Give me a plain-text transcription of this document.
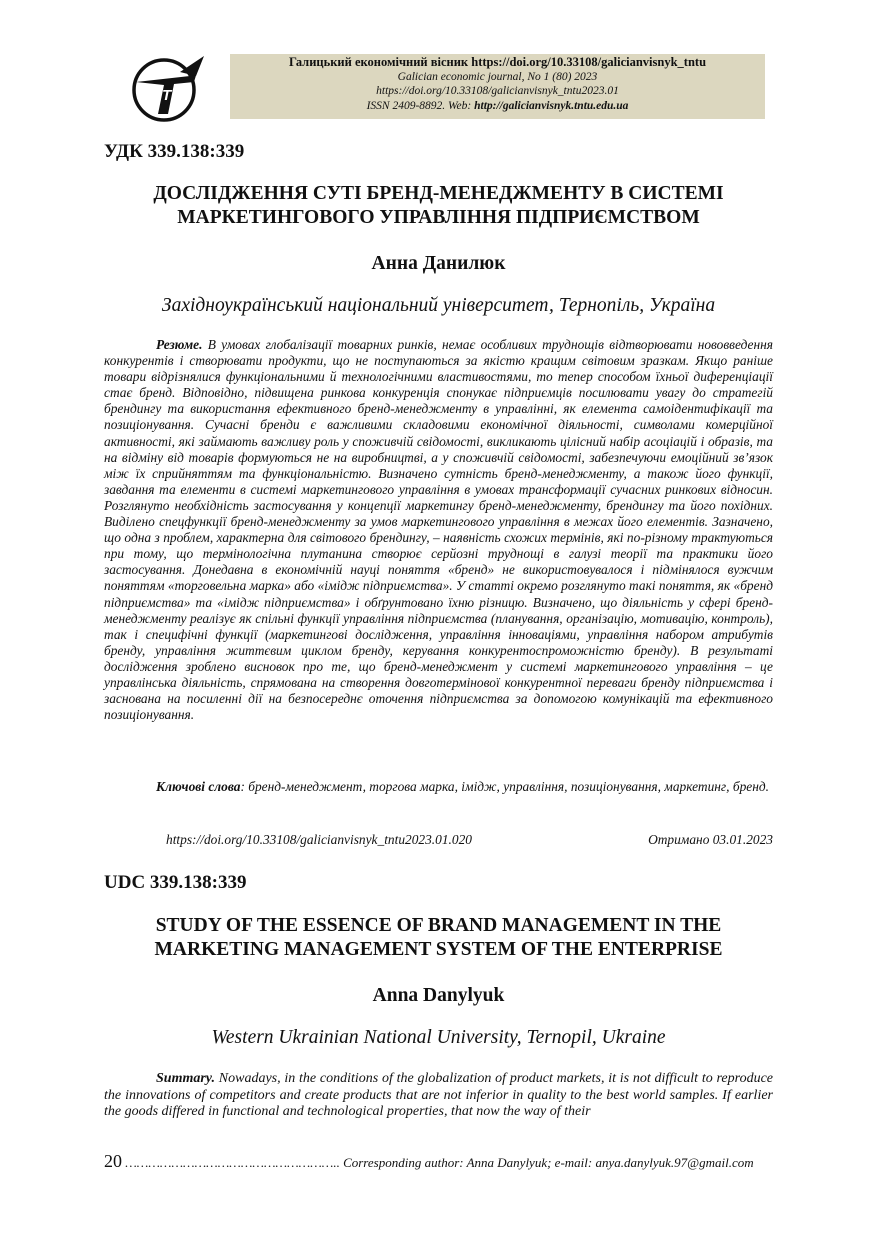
ТНТУ
Галицький економічний вісник https://doi.org/10.33108/galicianvisnyk_tntu
Galician economic journal, No 1 (80) 2023
https://doi.org/10.33108/galicianvisnyk_tntu2023.01
ISSN 2409-8892. Web: http://galicianvisnyk.tntu.edu.ua
УДК 339.138:339
ДОСЛІДЖЕННЯ СУТІ БРЕНД-МЕНЕДЖМЕНТУ В СИСТЕМІ
МАРКЕТИНГОВОГО УПРАВЛІННЯ ПІДПРИЄМСТВОМ
Анна Данилюк
Західноукраїнський національний університет, Тернопіль, Україна

Резюме. В умовах глобалізації товарних ринків, немає особливих труднощів відтворювати нововведення конкурентів і створювати продукти, що не поступаються за якістю кращим світовим зразкам. Якщо раніше товари відрізнялися функціональними й технологічними властивостями, то тепер способом їхньої диференціації стає бренд. Відповідно, підвищена ринкова конкуренція спонукає підприємців посилювати увагу до стратегій брендингу та використання ефективного бренд-менеджменту в управлінні, як елемента самоідентифікації та позиціонування. Сучасні бренди є важливими складовими економічної діяльності, символами комерційної активності, які займають важливу роль у споживчій свідомості, викликають цілісний набір асоціацій і образів, та на відміну від товарів формуються не на виробництві, а у споживчій свідомості, забезпечуючи емоційний зв’язок між їх сприйняттям та функціональністю. Визначено сутність бренд-менеджменту, а також його функції, завдання та елементи в системі маркетингового управління в умовах трансформації сучасних ринкових відносин. Розглянуто необхідність застосування у концепції маркетингу бренд-менеджменту, брендингу та його похідних. Виділено спецфункції бренд-менеджменту за умов маркетингового управління в межах його елементів. Зазначено, що одна з проблем, характерна для світового брендингу, – наявність схожих термінів, які по-різному трактуються при тому, що термінологічна плутанина створює серйозні труднощі в галузі теорії та практики його застосування. Донедавна в економічній науці поняття «бренд» не використовувалося і підмінялося вужчим поняттям «торговельна марка» або «імідж підприємства». У статті окремо розглянуто такі поняття, як «бренд підприємства» та «імідж підприємства» і обґрунтовано їхню різницю. Визначено, що діяльність у сфері бренд-менеджменту реалізує як спільні функції управління підприємства (планування, організацію, мотивацію, контроль), так і специфічні функції (маркетингові дослідження, управління інноваціями, управління набором атрибутів бренду, управління життєвим циклом бренду, керування конкурентоспроможністю бренду). В результаті дослідження зроблено висновок про те, що бренд-менеджмент у системі маркетингового управління – це управлінська діяльність, спрямована на створення довготермінової конкурентної переваги бренду підприємства і заснована на посиленні дії на безпосереднє оточення підприємства за допомогою комунікацій та ефективного позиціонування.

Ключові слова: бренд-менеджмент, торгова марка, імідж, управління, позиціонування, маркетинг, бренд.

https://doi.org/10.33108/galicianvisnyk_tntu2023.01.020	Отримано 03.01.2023
UDC 339.138:339
STUDY OF THE ESSENCE OF BRAND MANAGEMENT IN THE
MARKETING MANAGEMENT SYSTEM OF THE ENTERPRISE
Anna Danylyuk
Western Ukrainian National University, Ternopil, Ukraine

Summary. Nowadays, in the conditions of the globalization of product markets, it is not difficult to reproduce the innovations of competitors and create products that are not inferior in quality to the best world samples. If earlier the goods differed in functional and technological properties, that now the way of their

20 ……………………………………………….. Corresponding author: Anna Danylyuk; e-mail: anya.danylyuk.97@gmail.com
